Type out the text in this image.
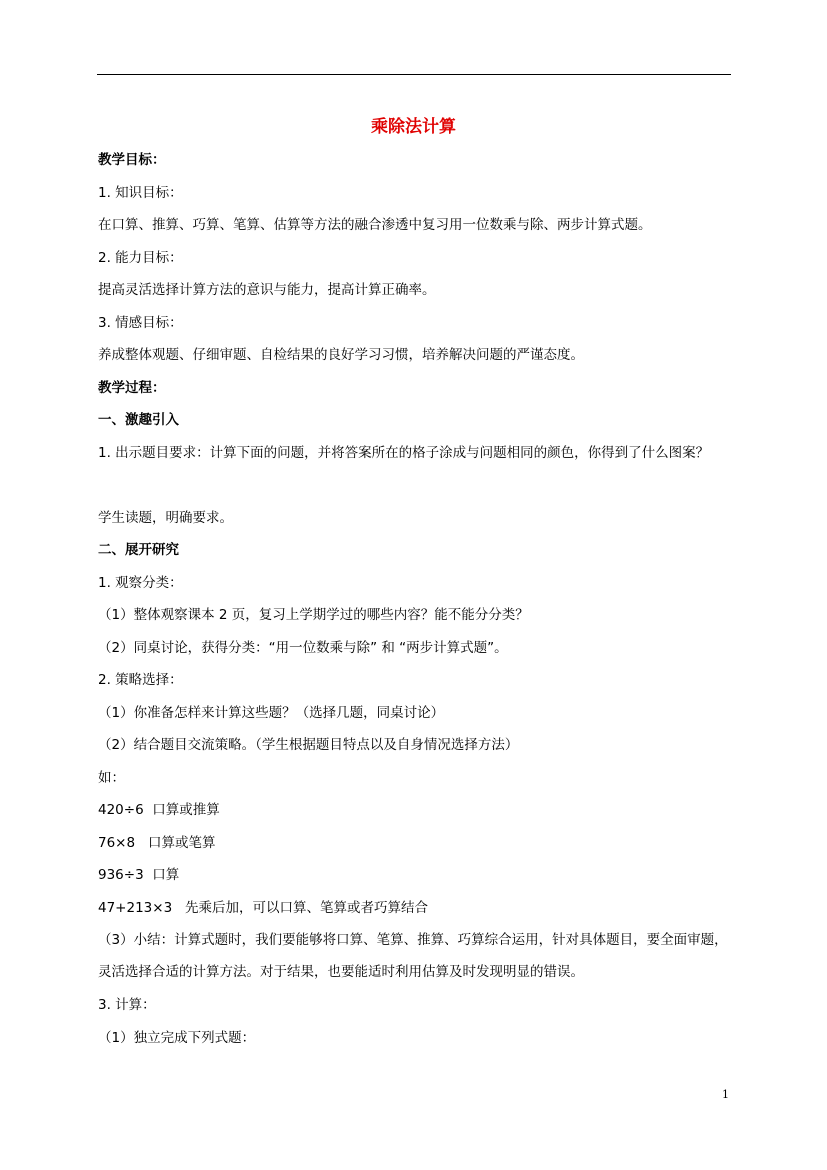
乘除法计算
教学目标：
1. 知识目标：
在口算、推算、巧算、笔算、估算等方法的融合渗透中复习用一位数乘与除、两步计算式题。
2. 能力目标：
提高灵活选择计算方法的意识与能力，提高计算正确率。
3. 情感目标：
养成整体观题、仔细审题、自检结果的良好学习习惯，培养解决问题的严谨态度。
教学过程：
一、激趣引入
1. 出示题目要求：计算下面的问题，并将答案所在的格子涂成与问题相同的颜色，你得到了什么图案？
学生读题，明确要求。
二、展开研究
1. 观察分类：
（1）整体观察课本 2 页，复习上学期学过的哪些内容？能不能分分类？
（2）同桌讨论，获得分类：“用一位数乘与除” 和 “两步计算式题”。
2. 策略选择：
（1）你准备怎样来计算这些题？（选择几题，同桌讨论）
（2）结合题目交流策略。（学生根据题目特点以及自身情况选择方法）
如：
420÷6  口算或推算
76×8   口算或笔算
936÷3  口算
47+213×3   先乘后加，可以口算、笔算或者巧算结合
（3）小结：计算式题时，我们要能够将口算、笔算、推算、巧算综合运用，针对具体题目，要全面审题，灵活选择合适的计算方法。对于结果，也要能适时利用估算及时发现明显的错误。
3. 计算：
（1）独立完成下列式题：
1
